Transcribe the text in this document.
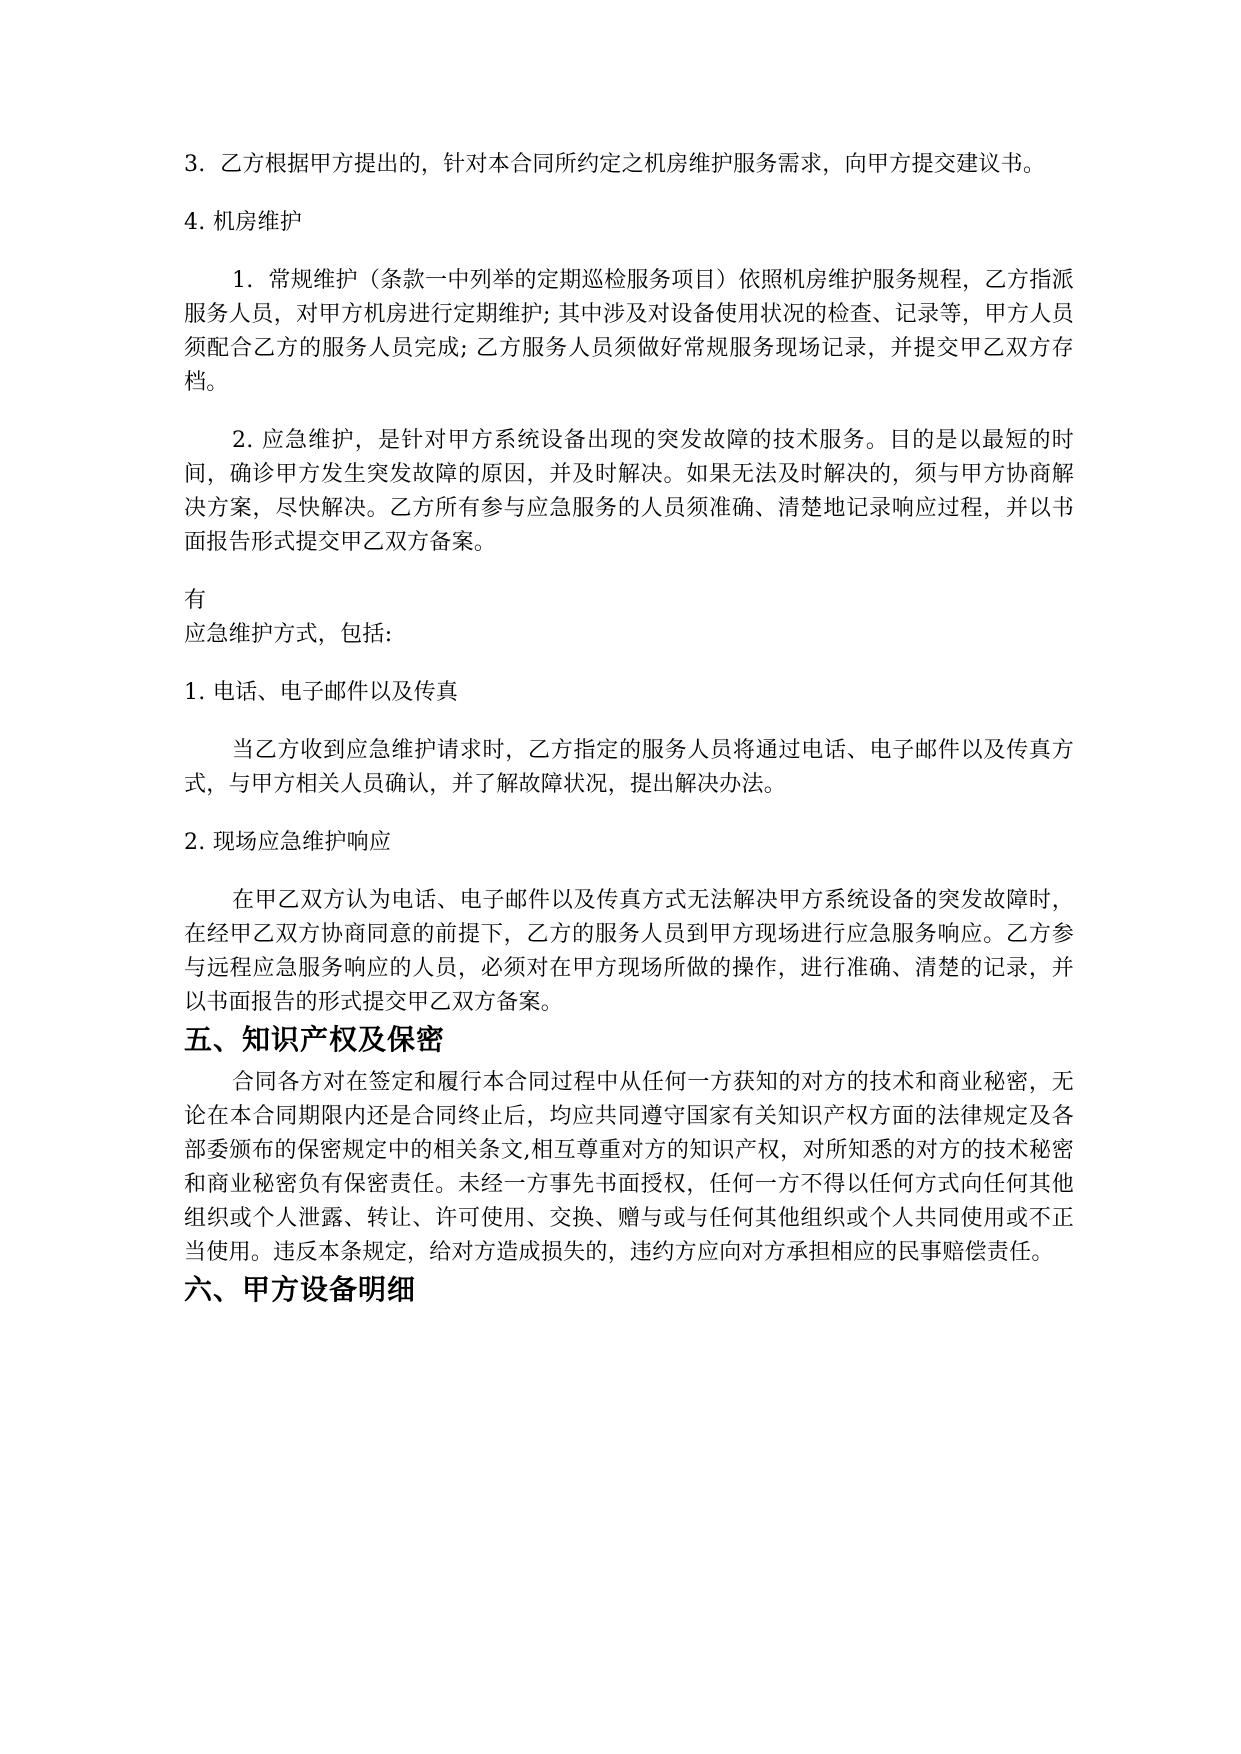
3.  乙方根据甲方提出的，针对本合同所约定之机房维护服务需求，向甲方提交建议书。

4. 机房维护

1.  常规维护（条款一中列举的定期巡检服务项目）依照机房维护服务规程，乙方指派服务人员，对甲方机房进行定期维护; 其中涉及对设备使用状况的检查、记录等，甲方人员须配合乙方的服务人员完成; 乙方服务人员须做好常规服务现场记录，并提交甲乙双方存档。

2. 应急维护，是针对甲方系统设备出现的突发故障的技术服务。目的是以最短的时间，确诊甲方发生突发故障的原因，并及时解决。如果无法及时解决的，须与甲方协商解决方案，尽快解决。乙方所有参与应急服务的人员须准确、清楚地记录响应过程，并以书面报告形式提交甲乙双方备案。

有

应急维护方式，包括:

1. 电话、电子邮件以及传真

当乙方收到应急维护请求时，乙方指定的服务人员将通过电话、电子邮件以及传真方式，与甲方相关人员确认，并了解故障状况，提出解决办法。

2. 现场应急维护响应

在甲乙双方认为电话、电子邮件以及传真方式无法解决甲方系统设备的突发故障时，在经甲乙双方协商同意的前提下，乙方的服务人员到甲方现场进行应急服务响应。乙方参与远程应急服务响应的人员，必须对在甲方现场所做的操作，进行准确、清楚的记录，并以书面报告的形式提交甲乙双方备案。

五、知识产权及保密

合同各方对在签定和履行本合同过程中从任何一方获知的对方的技术和商业秘密，无论在本合同期限内还是合同终止后，均应共同遵守国家有关知识产权方面的法律规定及各部委颁布的保密规定中的相关条文,相互尊重对方的知识产权，对所知悉的对方的技术秘密和商业秘密负有保密责任。未经一方事先书面授权，任何一方不得以任何方式向任何其他组织或个人泄露、转让、许可使用、交换、赠与或与任何其他组织或个人共同使用或不正当使用。违反本条规定，给对方造成损失的，违约方应向对方承担相应的民事赔偿责任。

六、甲方设备明细
